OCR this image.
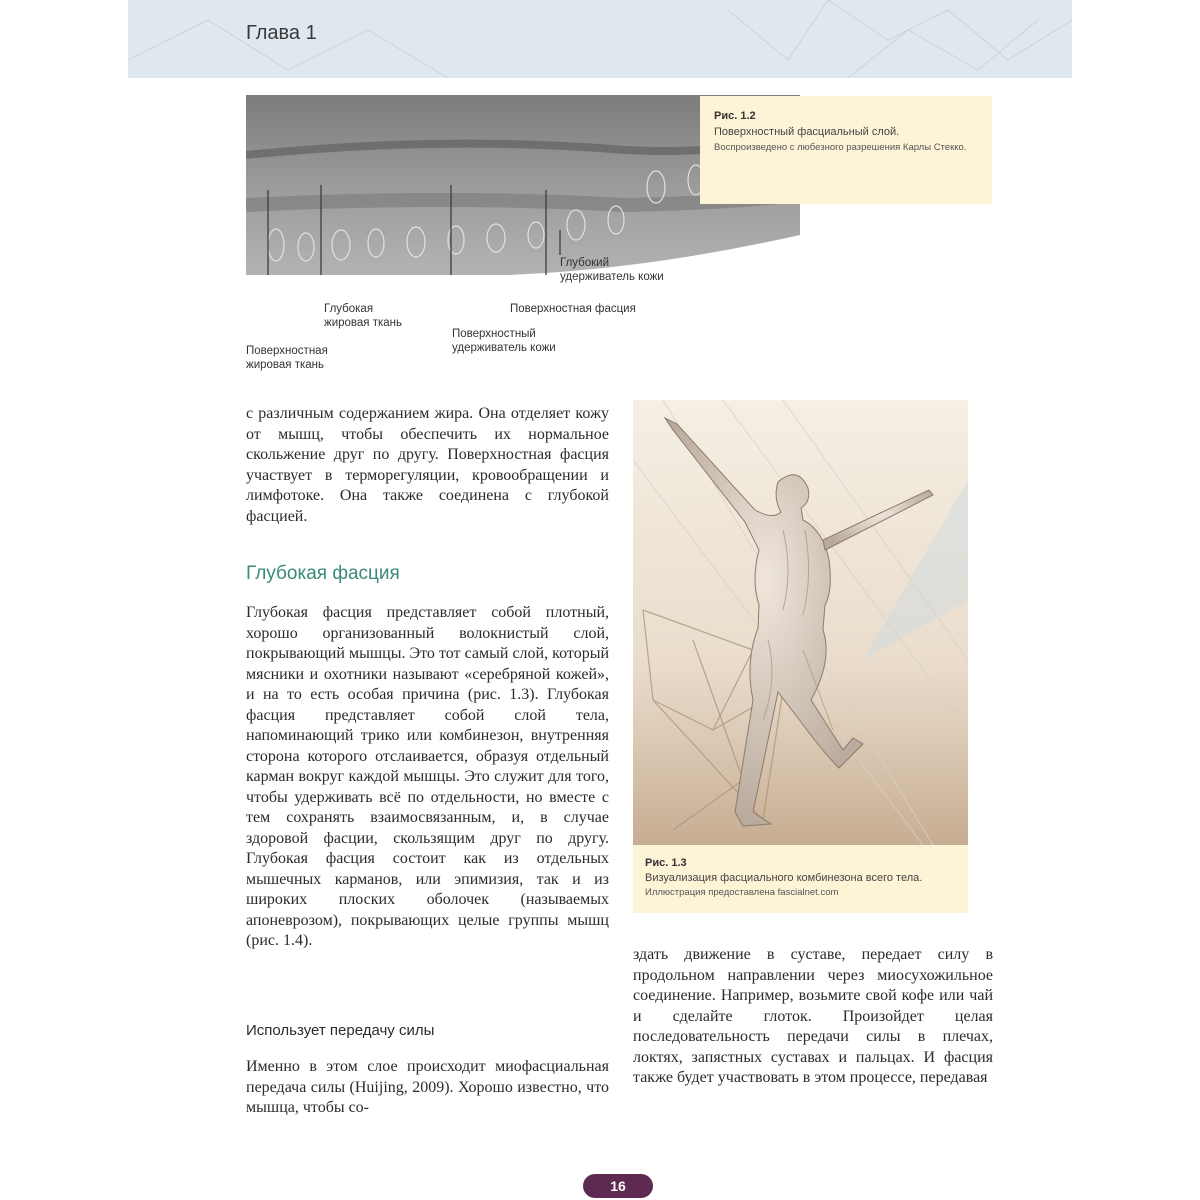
Глава 1
Глубокий
удерживатель кожи
Глубокая
жировая ткань
Поверхностная фасция
Поверхностный
удерживатель кожи
Поверхностная
жировая ткань
Рис. 1.2
Поверхностный фасциальный слой.
Воспроизведено с любезного разрешения Карлы Стекко.
Рис. 1.3
Визуализация фасциального комбинезона всего тела.
Иллюстрация предоставлена fascialnet.com
с различным содержанием жира. Она отделяет кожу от мышц, чтобы обеспечить их нормальное скольжение друг по другу. Поверхностная фасция участвует в терморегуляции, кровообращении и лимфотоке. Она также соединена с глубокой фасцией.
Глубокая фасция
Глубокая фасция представляет собой плотный, хорошо организованный волокнистый слой, покрывающий мышцы. Это тот самый слой, который мясники и охотники называют «серебряной кожей», и на то есть особая причина (рис. 1.3). Глубокая фасция представляет собой слой тела, напоминающий трико или комбинезон, внутренняя сторона которого отслаивается, образуя отдельный карман вокруг каждой мышцы. Это служит для того, чтобы удерживать всё по отдельности, но вместе с тем сохранять взаимосвязанным, и, в случае здоровой фасции, скользящим друг по другу. Глубокая фасция состоит как из отдельных мышечных карманов, или эпимизия, так и из широких плоских оболочек (называемых апоневрозом), покрывающих целые группы мышц (рис. 1.4).
Использует передачу силы
Именно в этом слое происходит миофасциальная передача силы (Huijing, 2009). Хорошо известно, что мышца, чтобы со-
здать движение в суставе, передает силу в продольном направлении через миосухожильное соединение. Например, возьмите свой кофе или чай и сделайте глоток. Произойдет целая последовательность передачи силы в плечах, локтях, запястных суставах и пальцах. И фасция также будет участвовать в этом процессе, передавая
16
